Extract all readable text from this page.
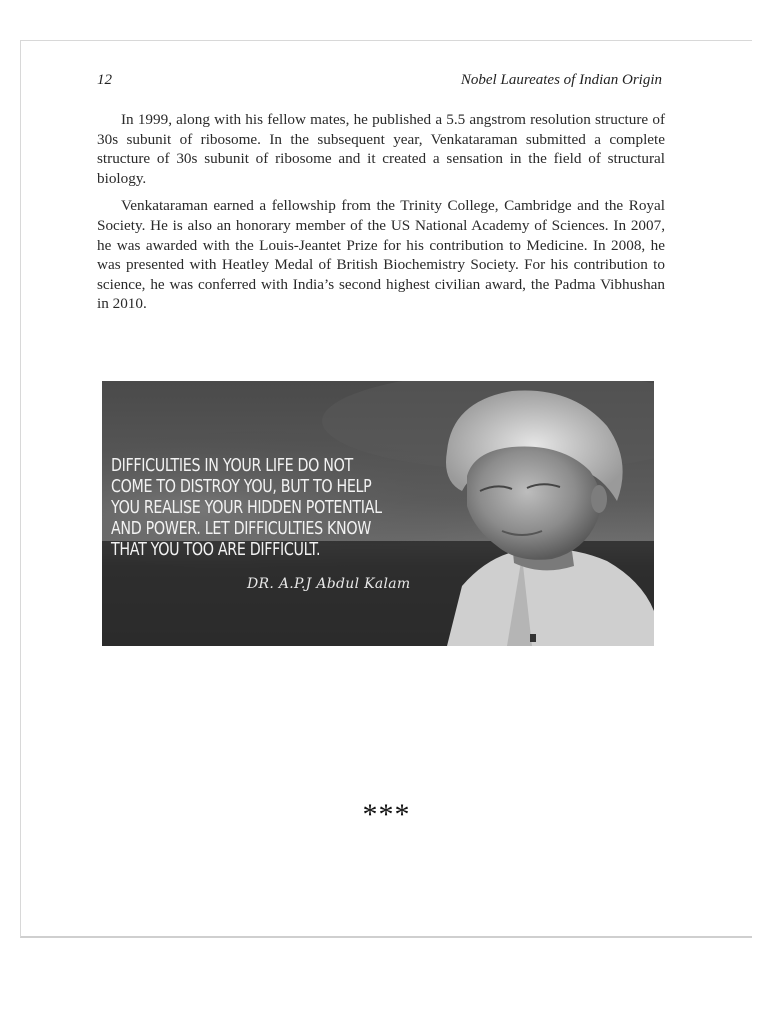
12	Nobel Laureates of Indian Origin

In 1999, along with his fellow mates, he published a 5.5 angstrom resolution structure of 30s subunit of ribosome. In the subsequent year, Venkataraman submitted a complete structure of 30s subunit of ribosome and it created a sensation in the field of structural biology.

Venkataraman earned a fellowship from the Trinity College, Cambridge and the Royal Society. He is also an honorary member of the US National Academy of Sciences. In 2007, he was awarded with the Louis-Jeantet Prize for his contribution to Medicine. In 2008, he was presented with Heatley Medal of British Biochemistry Society. For his contribution to science, he was conferred with India’s second highest civilian award, the Padma Vibhushan in 2010.

DIFFICULTIES IN YOUR LIFE DO NOT
COME TO DISTROY YOU, BUT TO HELP
YOU REALISE YOUR HIDDEN POTENTIAL
AND POWER. LET DIFFICULTIES KNOW
THAT YOU TOO ARE DIFFICULT.
DR. A.P.J Abdul Kalam
***
